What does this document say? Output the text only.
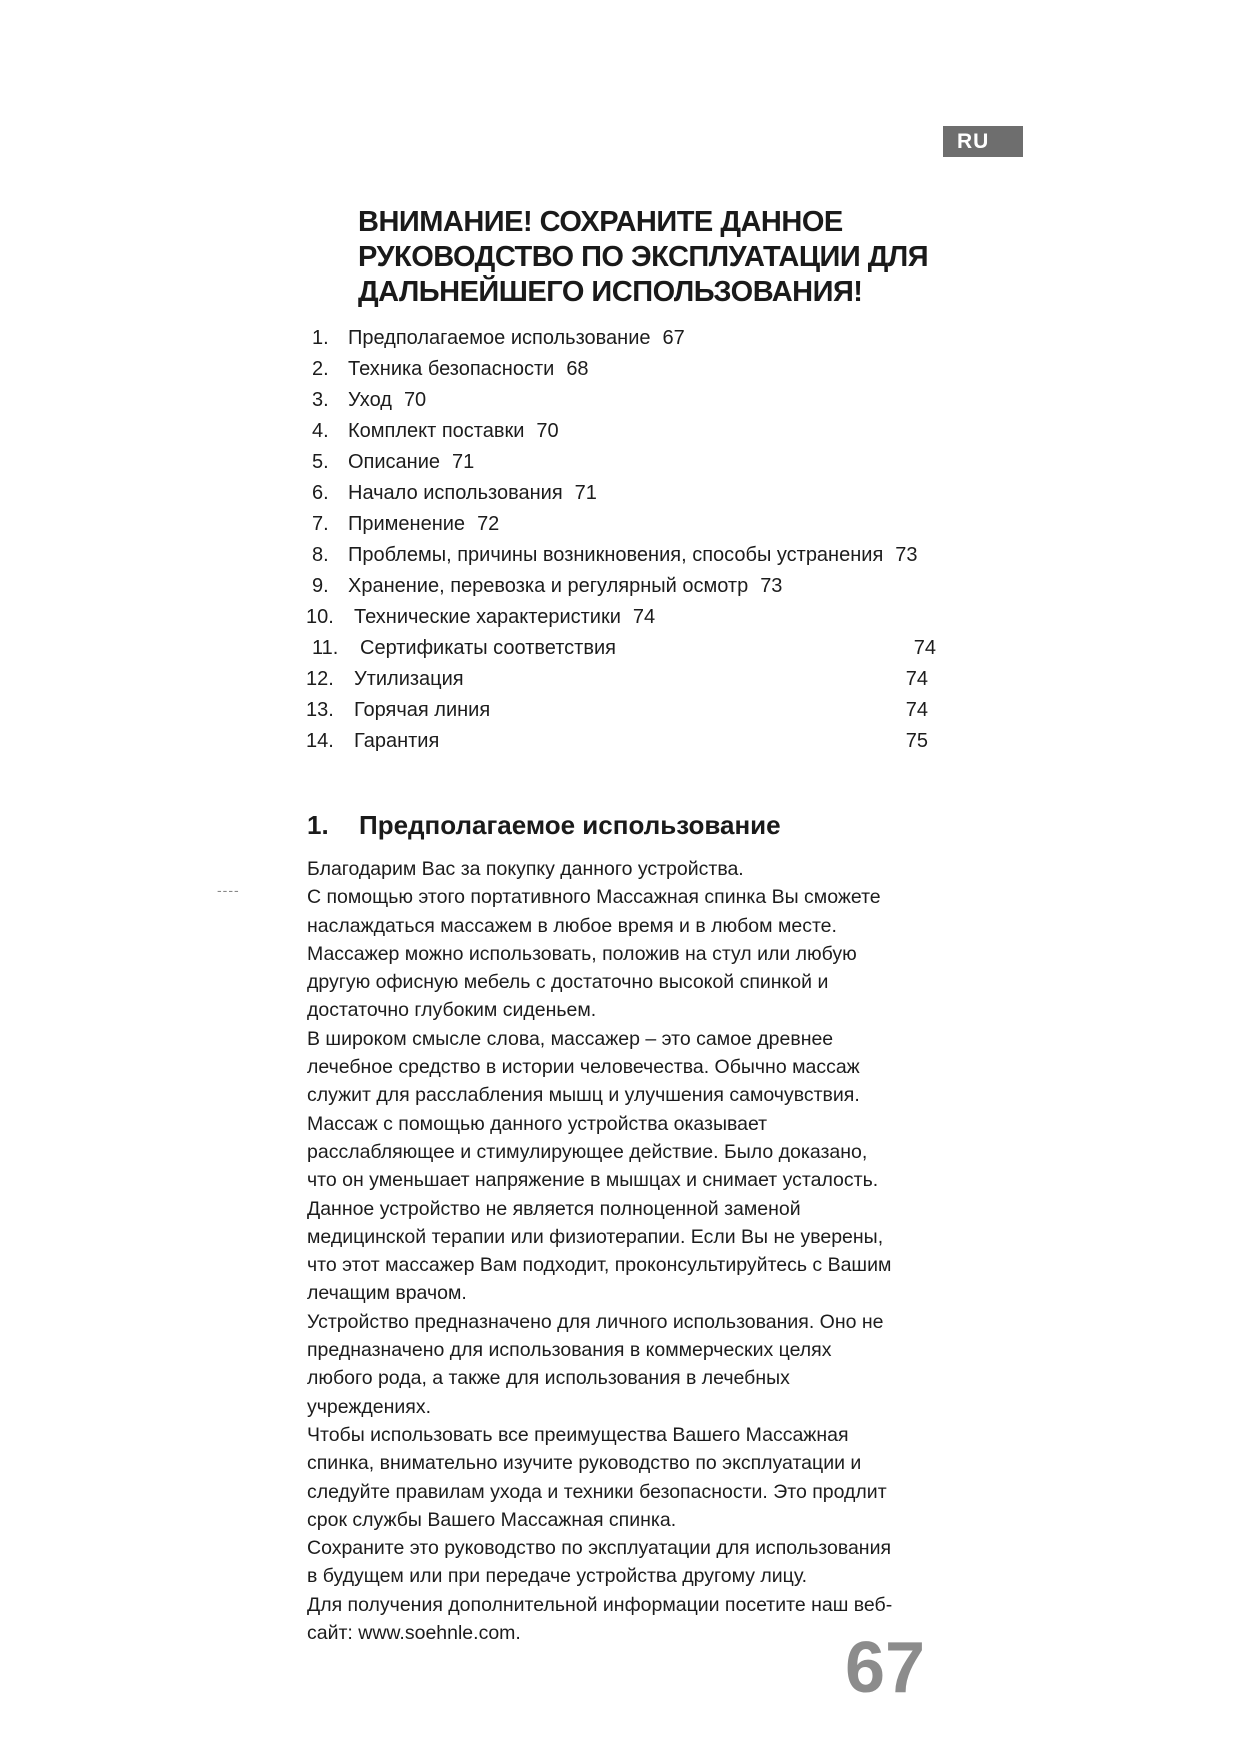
RU
ВНИМАНИЕ! СОХРАНИТЕ ДАННОЕ
РУКОВОДСТВО ПО ЭКСПЛУАТАЦИИ ДЛЯ
ДАЛЬНЕЙШЕГО ИСПОЛЬЗОВАНИЯ!
1. Предполагаемое использование 67
2. Техника безопасности 68
3. Уход 70
4. Комплект поставки 70
5. Описание 71
6. Начало использования 71
7. Применение 72
8. Проблемы, причины возникновения, способы устранения 73
9. Хранение, перевозка и регулярный осмотр 73
10. Технические характеристики 74
11. Сертификаты соответствия	74
12. Утилизация	74
13. Горячая линия	74
14. Гарантия	75
1. Предполагаемое использование
----
Благодарим Вас за покупку данного устройства.
С помощью этого портативного Массажная спинка Вы сможете
наслаждаться массажем в любое время и в любом месте.
Массажер можно использовать, положив на стул или любую
другую офисную мебель с достаточно высокой спинкой и
достаточно глубоким сиденьем.
В широком смысле слова, массажер – это самое древнее
лечебное средство в истории человечества. Обычно массаж
служит для расслабления мышц и улучшения самочувствия.
Массаж с помощью данного устройства оказывает
расслабляющее и стимулирующее действие. Было доказано,
что он уменьшает напряжение в мышцах и снимает усталость.
Данное устройство не является полноценной заменой
медицинской терапии или физиотерапии. Если Вы не уверены,
что этот массажер Вам подходит, проконсультируйтесь с Вашим
лечащим врачом.
Устройство предназначено для личного использования. Оно не
предназначено для использования в коммерческих целях
любого рода, а также для использования в лечебных
учреждениях.
Чтобы использовать все преимущества Вашего Массажная
спинка, внимательно изучите руководство по эксплуатации и
следуйте правилам ухода и техники безопасности. Это продлит
срок службы Вашего Массажная спинка.
Сохраните это руководство по эксплуатации для использования
в будущем или при передаче устройства другому лицу.
Для получения дополнительной информации посетите наш веб-
сайт: www.soehnle.com.	67
